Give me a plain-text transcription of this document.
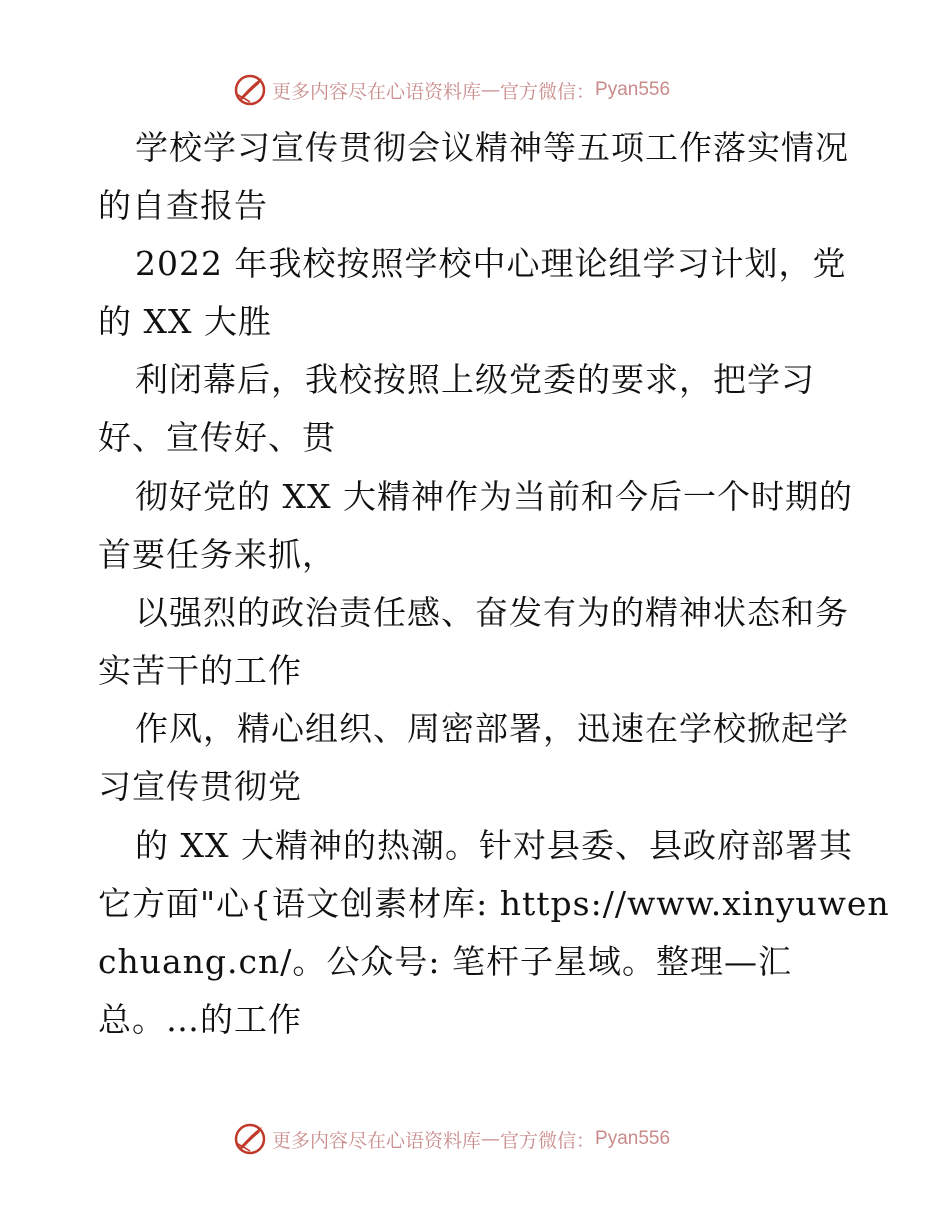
更多内容尽在心语资料库 — 官方微信： Pyan556
学校学习宣传贯彻会议精神等五项工作落实情况
的自查报告
2022 年我校按照学校中心理论组学习计划，党
的 XX 大胜
利闭幕后，我校按照上级党委的要求，把学习
好、宣传好、贯
彻好党的 XX 大精神作为当前和今后一个时期的
首要任务来抓，
以强烈的政治责任感、奋发有为的精神状态和务
实苦干的工作
作风，精心组织、周密部署，迅速在学校掀起学
习宣传贯彻党
的 XX 大精神的热潮。针对县委、县政府部署其
它方面"心{语文创素材库: https://www.xinyuwen
chuang.cn/。公众号: 笔杆子星域。整理—汇
总。…的工作
更多内容尽在心语资料库 — 官方微信： Pyan556
